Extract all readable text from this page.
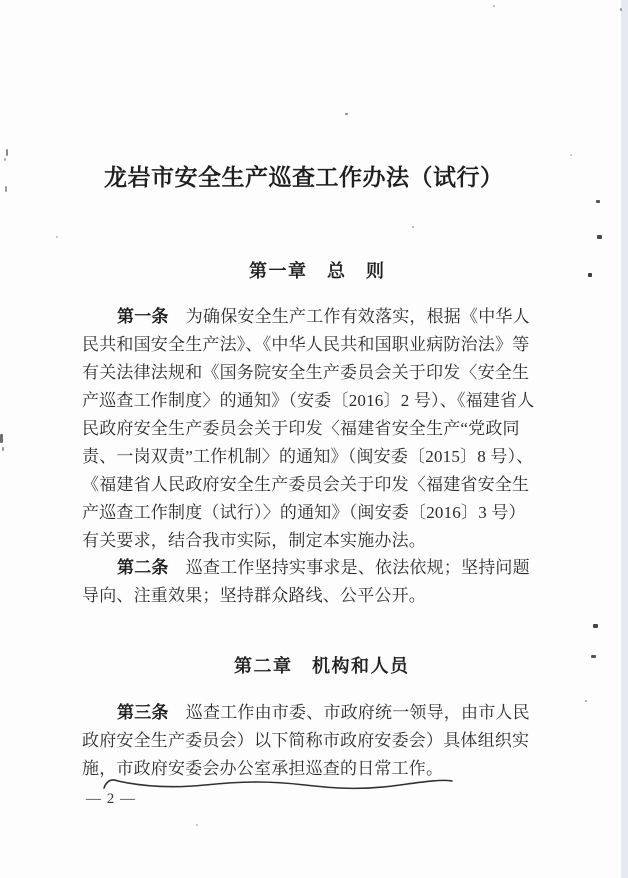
龙岩市安全生产巡查工作办法（试行）
第一章　总　则
第一条　为确保安全生产工作有效落实，根据《中华人
民共和国安全生产法》、《中华人民共和国职业病防治法》等
有关法律法规和《国务院安全生产委员会关于印发〈安全生
产巡查工作制度〉的通知》（安委〔2016〕2 号）、《福建省人
民政府安全生产委员会关于印发〈福建省安全生产“党政同
责、一岗双责”工作机制〉的通知》（闽安委〔2015〕8 号）、
《福建省人民政府安全生产委员会关于印发〈福建省安全生
产巡查工作制度（试行）〉的通知》（闽安委〔2016〕3 号）
有关要求，结合我市实际，制定本实施办法。
第二条　巡查工作坚持实事求是、依法依规；坚持问题
导向、注重效果；坚持群众路线、公平公开。
第二章　机构和人员
第三条　巡查工作由市委、市政府统一领导，由市人民
政府安全生产委员会）以下简称市政府安委会）具体组织实
施，市政府安委会办公室承担巡查的日常工作。
— 2 —
